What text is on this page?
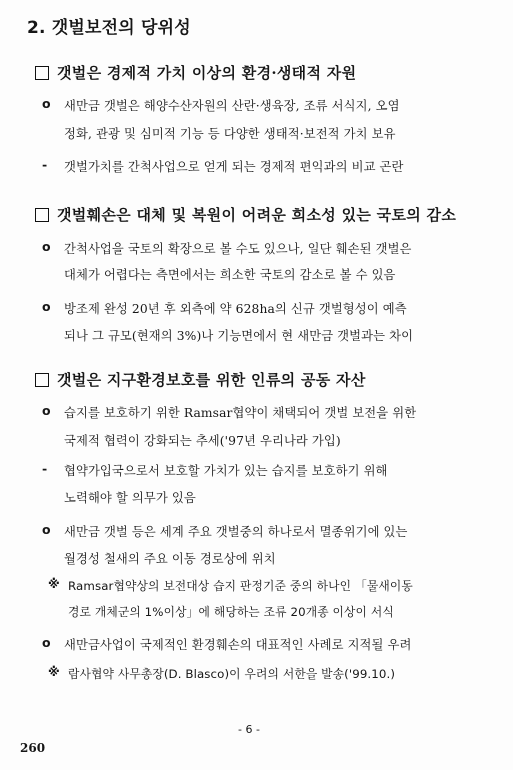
2. 갯벌보전의 당위성
갯벌은 경제적 가치 이상의 환경·생태적 자원
o 새만금 갯벌은 해양수산자원의 산란·생육장, 조류 서식지, 오염
정화, 관광 및 심미적 기능 등 다양한 생태적·보전적 가치 보유
- 갯벌가치를 간척사업으로 얻게 되는 경제적 편익과의 비교 곤란
갯벌훼손은 대체 및 복원이 어려운 희소성 있는 국토의 감소
o 간척사업을 국토의 확장으로 볼 수도 있으나, 일단 훼손된 갯벌은
대체가 어렵다는 측면에서는 희소한 국토의 감소로 볼 수 있음
o 방조제 완성 20년 후 외측에 약 628ha의 신규 갯벌형성이 예측
되나 그 규모(현재의 3%)나 기능면에서 현 새만금 갯벌과는 차이
갯벌은 지구환경보호를 위한 인류의 공동 자산
o 습지를 보호하기 위한 Ramsar협약이 채택되어 갯벌 보전을 위한
국제적 협력이 강화되는 추세('97년 우리나라 가입)
- 협약가입국으로서 보호할 가치가 있는 습지를 보호하기 위해
노력해야 할 의무가 있음
o 새만금 갯벌 등은 세계 주요 갯벌중의 하나로서 멸종위기에 있는
월경성 철새의 주요 이동 경로상에 위치
※ Ramsar협약상의 보전대상 습지 판정기준 중의 하나인 「물새이동
경로 개체군의 1%이상」에 해당하는 조류 20개종 이상이 서식
o 새만금사업이 국제적인 환경훼손의 대표적인 사례로 지적될 우려
※ 람사협약 사무총장(D. Blasco)이 우려의 서한을 발송('99.10.)
- 6 -
260
